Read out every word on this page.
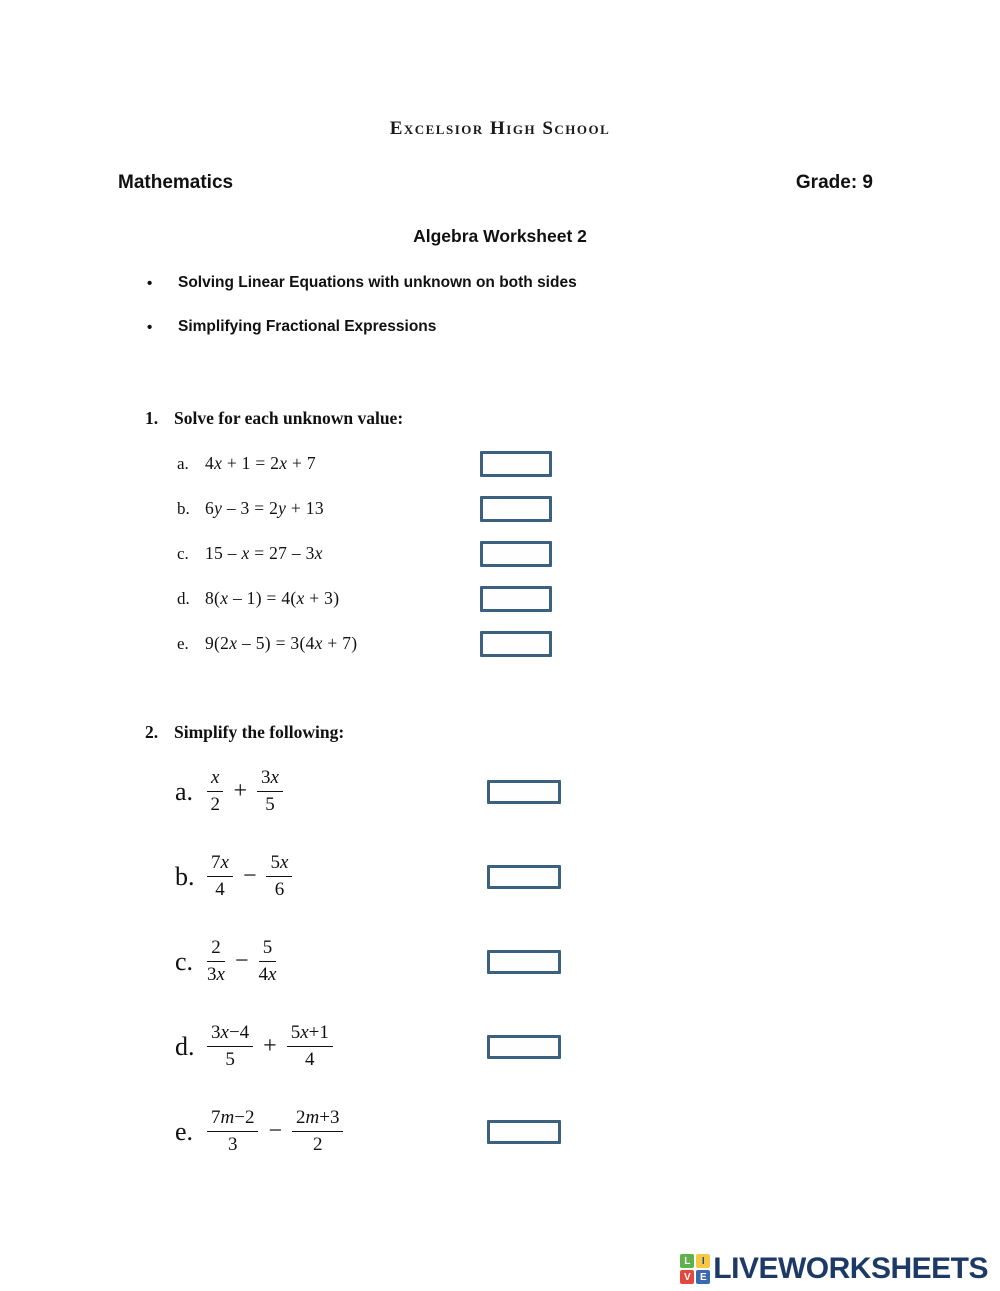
Excelsior High School
Mathematics	Grade: 9
Algebra Worksheet 2
• Solving Linear Equations with unknown on both sides
• Simplifying Fractional Expressions
1. Solve for each unknown value:
a. 4x + 1 = 2x + 7
b. 6y – 3 = 2y + 13
c. 15 – x = 27 – 3x
d. 8(x – 1) = 4(x + 3)
e. 9(2x – 5) = 3(4x + 7)
2. Simplify the following:
a. $\frac{x}{2} + \frac{3x}{5}$
b. $\frac{7x}{4} - \frac{5x}{6}$
c. $\frac{2}{3x} - \frac{5}{4x}$
d. $\frac{3x-4}{5} + \frac{5x+1}{4}$
e. $\frac{7m-2}{3} - \frac{2m+3}{2}$
L	I
V E LIVEWORKSHEETS
